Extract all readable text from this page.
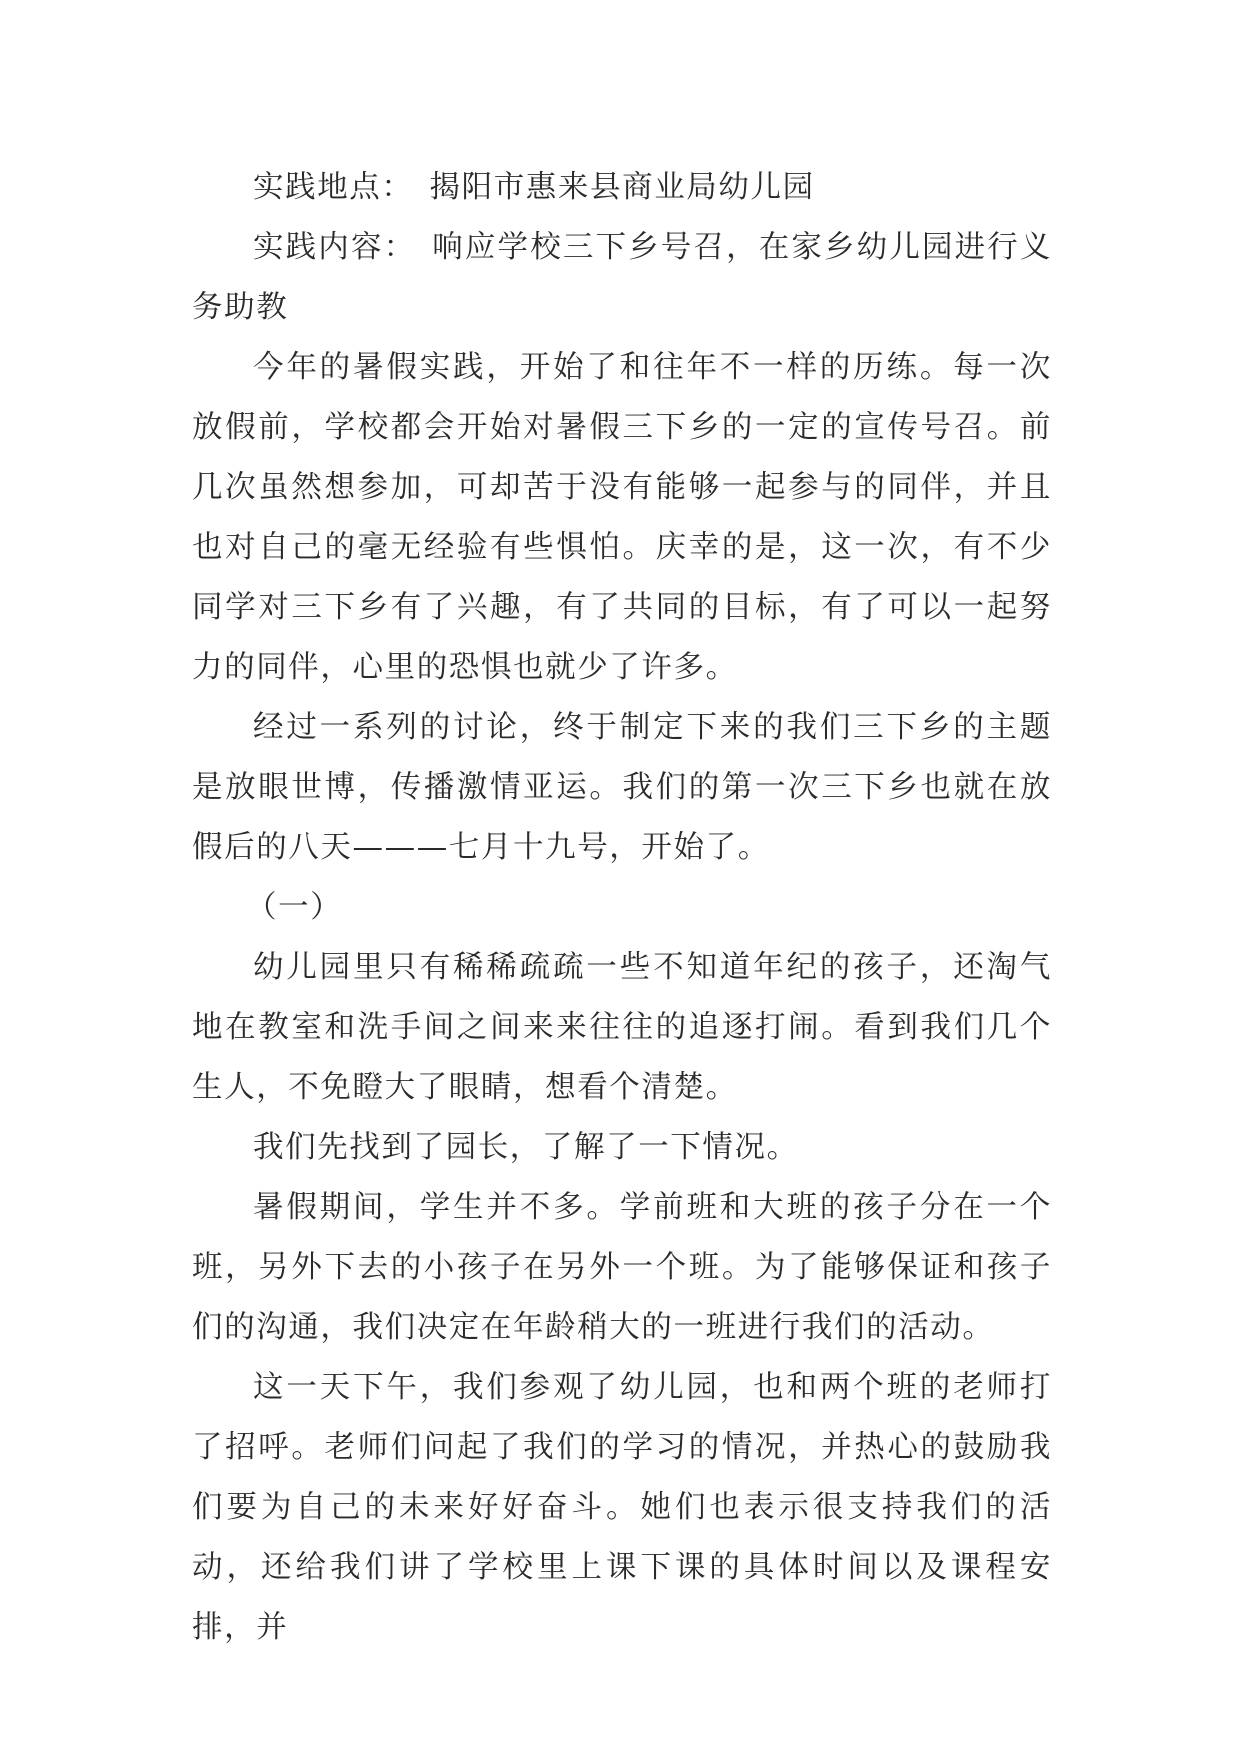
实践地点： 揭阳市惠来县商业局幼儿园

实践内容： 响应学校三下乡号召，在家乡幼儿园进行义务助教

今年的暑假实践，开始了和往年不一样的历练。每一次放假前，学校都会开始对暑假三下乡的一定的宣传号召。前几次虽然想参加，可却苦于没有能够一起参与的同伴，并且也对自己的毫无经验有些惧怕。庆幸的是，这一次，有不少同学对三下乡有了兴趣，有了共同的目标，有了可以一起努力的同伴，心里的恐惧也就少了许多。

经过一系列的讨论，终于制定下来的我们三下乡的主题是放眼世博，传播激情亚运。我们的第一次三下乡也就在放假后的八天———七月十九号，开始了。

（一）

幼儿园里只有稀稀疏疏一些不知道年纪的孩子，还淘气地在教室和洗手间之间来来往往的追逐打闹。看到我们几个生人，不免瞪大了眼睛，想看个清楚。

我们先找到了园长，了解了一下情况。

暑假期间，学生并不多。学前班和大班的孩子分在一个班，另外下去的小孩子在另外一个班。为了能够保证和孩子们的沟通，我们决定在年龄稍大的一班进行我们的活动。

这一天下午，我们参观了幼儿园，也和两个班的老师打了招呼。老师们问起了我们的学习的情况，并热心的鼓励我们要为自己的未来好好奋斗。她们也表示很支持我们的活动，还给我们讲了学校里上课下课的具体时间以及课程安排，并
